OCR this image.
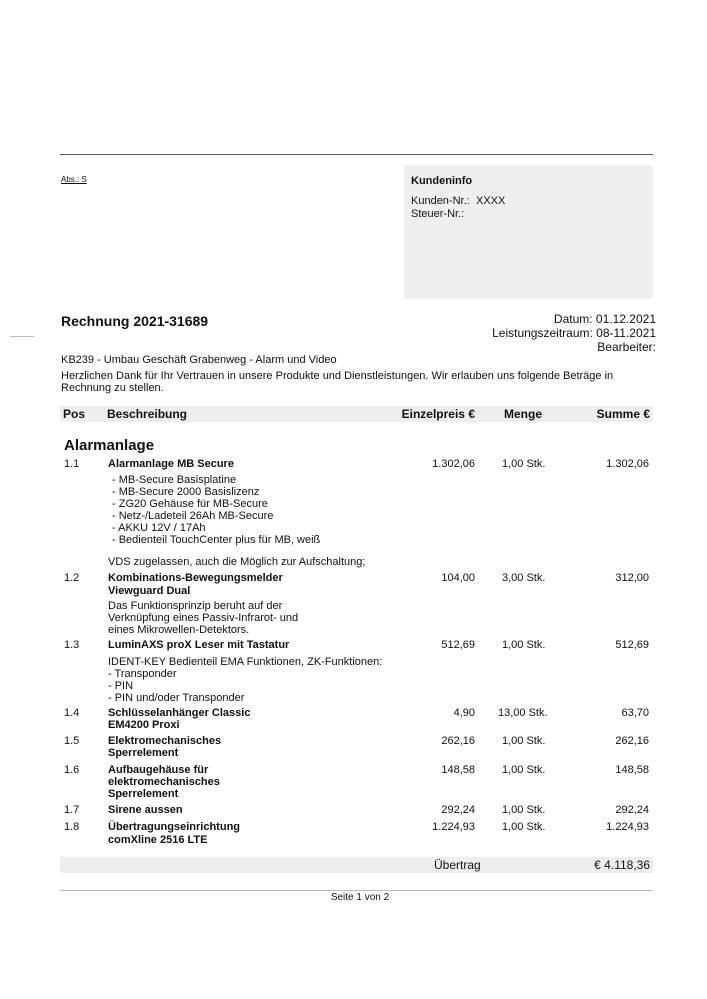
Abs.: S	Kundeninfo
Kunden-Nr.: XXXX
Steuer-Nr.:
Rechnung 2021-31689	Datum: 01.12.2021
Leistungszeitraum: 08-11.2021
Bearbeiter:
KB239 - Umbau Geschäft Grabenweg - Alarm und Video
Herzlichen Dank für Ihr Vertrauen in unsere Produkte und Dienstleistungen. Wir erlauben uns folgende Beträge in
Rechnung zu stellen.
Pos Beschreibung	Einzelpreis € Menge	Summe €
Alarmanlage
1.1	Alarmanlage MB Secure	1.302,06 1,00 Stk.	1.302,06
- MB-Secure Basisplatine
- MB-Secure 2000 Basislizenz
- ZG20 Gehäuse für MB-Secure
- Netz-/Ladeteil 26Ah MB-Secure
- AKKU 12V / 17Ah
- Bedienteil TouchCenter plus für MB, weiß
VDS zugelassen, auch die Möglich zur Aufschaltung;
1.2	Kombinations-Bewegungsmelder
Viewguard Dual
104,00 3,00 Stk.	312,00
Das Funktionsprinzip beruht auf der
Verknüpfung eines Passiv-Infrarot- und
eines Mikrowellen-Detektors.
1.3	LuminAXS proX Leser mit Tastatur	512,69 1,00 Stk.	512,69
IDENT-KEY Bedienteil EMA Funktionen, ZK-Funktionen:
- Transponder
- PIN
- PIN und/oder Transponder
1.4	Schlüsselanhänger Classic
EM4200 Proxi
4,90 13,00 Stk.	63,70
1.5	Elektromechanisches
Sperrelement
262,16 1,00 Stk.	262,16
1.6	Aufbaugehäuse für
elektromechanisches
Sperrelement
148,58 1,00 Stk.	148,58
1.7	Sirene aussen	292,24 1,00 Stk.	292,24
1.8	Übertragungseinrichtung
comXline 2516 LTE
1.224,93 1,00 Stk.	1.224,93
Übertrag	€ 4.118,36
Seite 1 von 2
